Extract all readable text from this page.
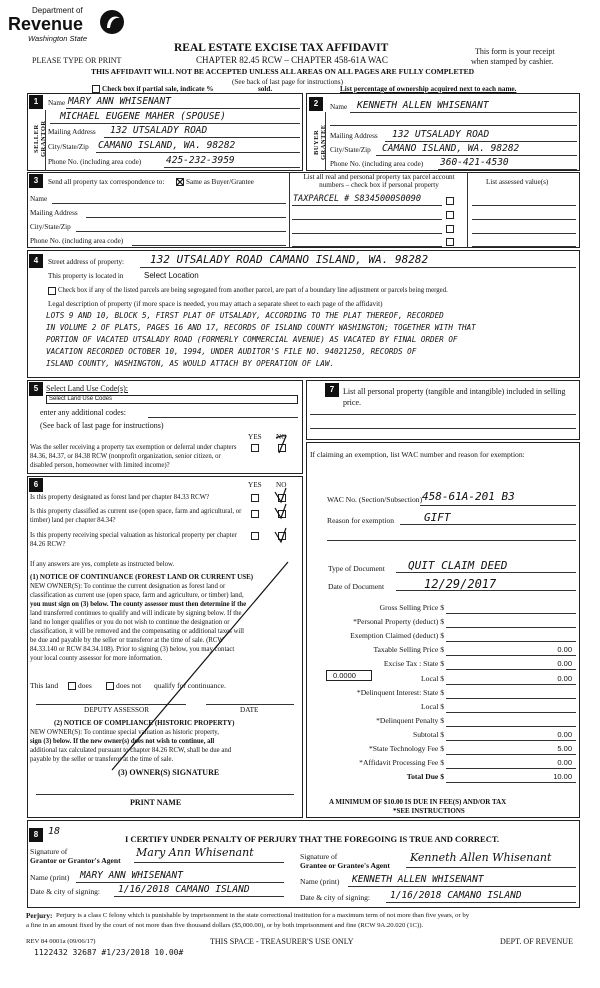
Department of
Revenue
Washington State
PLEASE TYPE OR PRINT
REAL ESTATE EXCISE TAX AFFIDAVIT
CHAPTER 82.45 RCW – CHAPTER 458-61A WAC
THIS AFFIDAVIT WILL NOT BE ACCEPTED UNLESS ALL AREAS ON ALL PAGES ARE FULLY COMPLETED
This form is your receipt
when stamped by cashier.
(See back of last page for instructions)
Check box if partial sale, indicate %	sold.	List percentage of ownership acquired next to each name.
1
SELLER GRANTOR
Name MARY ANN WHISENANT
MICHAEL EUGENE MAHER (SPOUSE)
Mailing Address 132 UTSALADY ROAD
City/State/Zip CAMANO ISLAND, WA. 98282
Phone No. (including area code)	425-232-3959
2
BUYER GRANTEE
Name KENNETH ALLEN WHISENANT
Mailing Address 132 UTSALADY ROAD
City/State/Zip CAMANO ISLAND, WA. 98282
Phone No. (including area code) 360-421-4530
3	Send all property tax correspondence to:	Same as Buyer/Grantee
List all real and personal property tax parcel account
numbers – check box if personal property	List assessed value(s)
Name
Mailing Address
City/State/Zip
Phone No. (including area code)
TAXPARCEL # S8345000S0090
4	Street address of property: 132 UTSALADY ROAD CAMANO ISLAND, WA. 98282
This property is located in	Select Location
Check box if any of the listed parcels are being segregated from another parcel, are part of a boundary line adjustment or parcels being merged.
Legal description of property (if more space is needed, you may attach a separate sheet to each page of the affidavit)
LOTS 9 AND 10, BLOCK 5, FIRST PLAT OF UTSALADY, ACCORDING TO THE PLAT THEREOF, RECORDED
IN VOLUME 2 OF PLATS, PAGES 16 AND 17, RECORDS OF ISLAND COUNTY WASHINGTON; TOGETHER WITH THAT
PORTION OF VACATED UTSALADY ROAD (FORMERLY COMMERCIAL AVENUE) AS VACATED BY FINAL ORDER OF
VACATION RECORDED OCTOBER 10, 1994, UNDER AUDITOR'S FILE NO. 94021250, RECORDS OF
ISLAND COUNTY, WASHINGTON, AS WOULD ATTACH BY OPERATION OF LAW.
5 Select Land Use Code(s):
Select Land Use Codes
enter any additional codes:
(See back of last page for instructions)
YES NO
Was the seller receiving a property tax exemption or deferral under chapters 84.36, 84.37, or 84.38 RCW (nonprofit organization, senior citizen, or disabled person, homeowner with limited income)?
7	List all personal property (tangible and intangible) included in selling price.
6	YES NO
Is this property designated as forest land per chapter 84.33 RCW?
Is this property classified as current use (open space, farm and agricultural, or timber) land per chapter 84.34?
Is this property receiving special valuation as historical property per chapter 84.26 RCW?
If any answers are yes, complete as instructed below.
(1) NOTICE OF CONTINUANCE (FOREST LAND OR CURRENT USE)
NEW OWNER(S): To continue the current designation as forest land or
classification as current use (open space, farm and agriculture, or timber) land,
you must sign on (3) below. The county assessor must then determine if the
land transferred continues to qualify and will indicate by signing below. If the
land no longer qualifies or you do not wish to continue the designation or
classification, it will be removed and the compensating or additional taxes will
be due and payable by the seller or transferor at the time of sale. (RCW
84.33.140 or RCW 84.34.108). Prior to signing (3) below, you may contact
your local county assessor for more information.
This land	does	does not qualify for continuance.
DEPUTY ASSESSOR	DATE
(2) NOTICE OF COMPLIANCE (HISTORIC PROPERTY)
NEW OWNER(S): To continue special valuation as historic property,
sign (3) below. If the new owner(s) does not wish to continue, all
additional tax calculated pursuant to chapter 84.26 RCW, shall be due and
payable by the seller or transferor at the time of sale.
(3) OWNER(S) SIGNATURE
PRINT NAME
If claiming an exemption, list WAC number and reason for exemption:
WAC No. (Section/Subsection) 458-61A-201 B3
Reason for exemption	GIFT
Type of Document QUIT CLAIM DEED
Date of Document	12/29/2017
Gross Selling Price $
*Personal Property (deduct) $
Exemption Claimed (deduct) $
Taxable Selling Price $	0.00
Excise Tax : State $	0.00
Local $	0.00
*Delinquent Interest: State $
Local $
*Delinquent Penalty $
Subtotal $	0.00
*State Technology Fee $	5.00
*Affidavit Processing Fee $	0.00
Total Due $	10.00
0.0000
A MINIMUM OF $10.00 IS DUE IN FEE(S) AND/OR TAX
*SEE INSTRUCTIONS
8 18
I CERTIFY UNDER PENALTY OF PERJURY THAT THE FOREGOING IS TRUE AND CORRECT.
Signature of
Grantor or Grantor's Agent
Mary Ann Whisenant
Name (print) MARY ANN WHISENANT
Date & city of signing: 1/16/2018 CAMANO ISLAND
Signature of
Grantee or Grantee's Agent
Kenneth Allen Whisenant
Name (print) KENNETH ALLEN WHISENANT
Date & city of signing: 1/16/2018 CAMANO ISLAND
Perjury: Perjury is a class C felony which is punishable by imprisonment in the state correctional institution for a maximum term of not more than five years, or by
a fine in an amount fixed by the court of not more than five thousand dollars ($5,000.00), or by both imprisonment and fine (RCW 9A.20.020 (1C)).
REV 84 0001a (09/06/17)	THIS SPACE - TREASURER'S USE ONLY	DEPT. OF REVENUE
1122432 32687 #1/23/2018 10.00#
